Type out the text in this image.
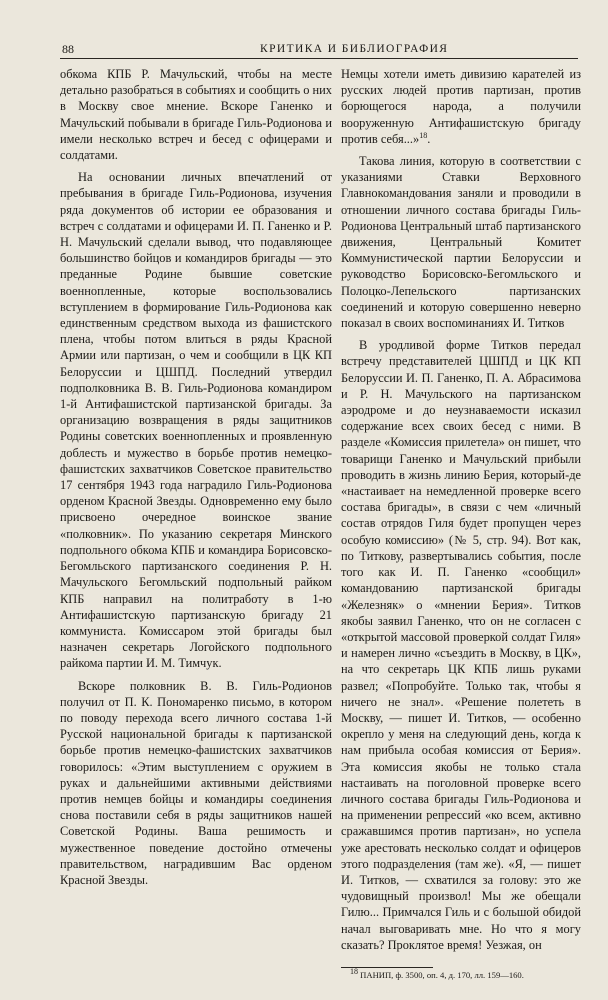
88	КРИТИКА И БИБЛИОГРАФИЯ

обкома КПБ Р. Мачульский, чтобы на месте детально разобраться в событиях и сообщить о них в Москву свое мнение. Вскоре Ганенко и Мачульский побывали в бригаде Гиль-Родионова и имели несколько встреч и бесед с офицерами и солдатами.

На основании личных впечатлений от пребывания в бригаде Гиль-Родионова, изучения ряда документов об истории ее образования и встреч с солдатами и офицерами И. П. Ганенко и Р. Н. Мачульский сделали вывод, что подавляющее большинство бойцов и командиров бригады — это преданные Родине бывшие советские военнопленные, которые воспользовались вступлением в формирование Гиль-Родионова как единственным средством выхода из фашистского плена, чтобы потом влиться в ряды Красной Армии или партизан, о чем и сообщили в ЦК КП Белоруссии и ЦШПД. Последний утвердил подполковника В. В. Гиль-Родионова командиром 1-й Антифашистской партизанской бригады. За организацию возвращения в ряды защитников Родины советских военнопленных и проявленную доблесть и мужество в борьбе против немецко-фашистских захватчиков Советское правительство 17 сентября 1943 года наградило Гиль-Родионова орденом Красной Звезды. Одновременно ему было присвоено очередное воинское звание «полковник». По указанию секретаря Минского подпольного обкома КПБ и командира Борисовско-Бегомльского партизанского соединения Р. Н. Мачульского Бегомльский подпольный райком КПБ направил на политработу в 1-ю Антифашистскую партизанскую бригаду 21 коммуниста. Комиссаром этой бригады был назначен секретарь Логойского подпольного райкома партии И. М. Тимчук.

Вскоре полковник В. В. Гиль-Родионов получил от П. К. Пономаренко письмо, в котором по поводу перехода всего личного состава 1-й Русской национальной бригады к партизанской борьбе против немецко-фашистских захватчиков говорилось: «Этим выступлением с оружием в руках и дальнейшими активными действиями против немцев бойцы и командиры соединения снова поставили себя в ряды защитников нашей Советской Родины. Ваша решимость и мужественное поведение достойно отмечены правительством, наградившим Вас орденом Красной Звезды.

Немцы хотели иметь дивизию карателей из русских людей против партизан, против борющегося народа, а получили вооруженную Антифашистскую бригаду против себя...»$^{18}$.

Такова линия, которую в соответствии с указаниями Ставки Верховного Главнокомандования заняли и проводили в отношении личного состава бригады Гиль-Родионова Центральный штаб партизанского движения, Центральный Комитет Коммунистической партии Белоруссии и руководство Борисовско-Бегомльского и Полоцко-Лепельского партизанских соединений и которую совершенно неверно показал в своих воспоминаниях И. Титков

В уродливой форме Титков передал встречу представителей ЦШПД и ЦК КП Белоруссии И. П. Ганенко, П. А. Абрасимова и Р. Н. Мачульского на партизанском аэродроме и до неузнаваемости исказил содержание всех своих бесед с ними. В разделе «Комиссия прилетела» он пишет, что товарищи Ганенко и Мачульский прибыли проводить в жизнь линию Берия, который-де «настаивает на немедленной проверке всего состава бригады», в связи с чем «личный состав отрядов Гиля будет пропущен через особую комиссию» (№ 5, стр. 94). Вот как, по Титкову, развертывались события, после того как И. П. Ганенко «сообщил» командованию партизанской бригады «Железняк» о «мнении Берия». Титков якобы заявил Ганенко, что он не согласен с «открытой массовой проверкой солдат Гиля» и намерен лично «съездить в Москву, в ЦК», на что секретарь ЦК КПБ лишь руками развел; «Попробуйте. Только так, чтобы я ничего не знал». «Решение полететь в Москву, — пишет И. Титков, — особенно окрепло у меня на следующий день, когда к нам прибыла особая комиссия от Берия». Эта комиссия якобы не только стала настаивать на поголовной проверке всего личного состава бригады Гиль-Родионова и на применении репрессий «ко всем, активно сражавшимся против партизан», но успела уже арестовать несколько солдат и офицеров этого подразделения (там же). «Я, — пишет И. Титков, — схватился за голову: это же чудовищный произвол! Мы же обещали Гилю... Примчался Гиль и с большой обидой начал выговаривать мне. Но что я могу сказать? Проклятое время! Уезжая, он

$^{18}$ ПАНИП, ф. 3500, оп. 4, д. 170, лл. 159—160.
